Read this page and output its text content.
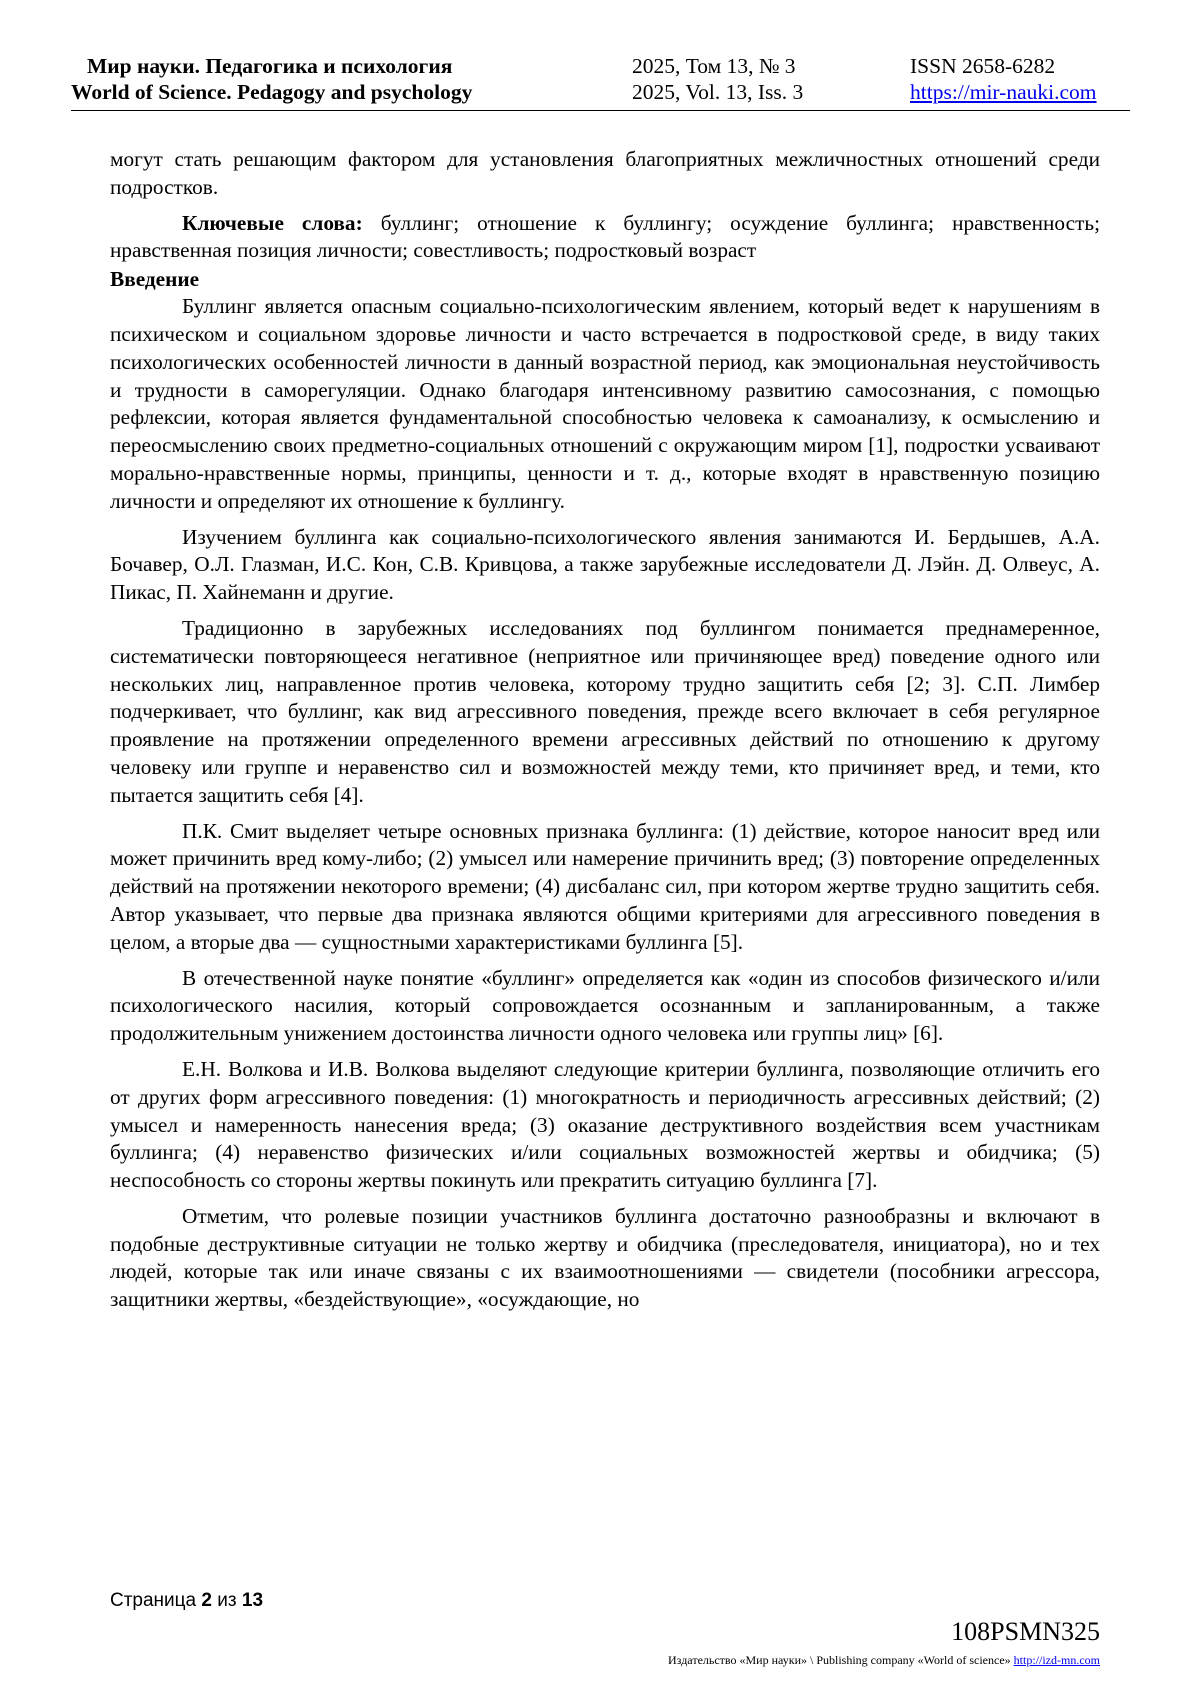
Мир науки. Педагогика и психология
World of Science. Pedagogy and psychology
2025, Том 13, № 3
2025, Vol. 13, Iss. 3
ISSN 2658-6282
https://mir-nauki.com

могут стать решающим фактором для установления благоприятных межличностных отношений среди подростков.

Ключевые слова: буллинг; отношение к буллингу; осуждение буллинга; нравственность; нравственная позиция личности; совестливость; подростковый возраст

Введение

Буллинг является опасным социально-психологическим явлением, который ведет к нарушениям в психическом и социальном здоровье личности и часто встречается в подростковой среде, в виду таких психологических особенностей личности в данный возрастной период, как эмоциональная неустойчивость и трудности в саморегуляции. Однако благодаря интенсивному развитию самосознания, с помощью рефлексии, которая является фундаментальной способностью человека к самоанализу, к осмыслению и переосмыслению своих предметно-социальных отношений с окружающим миром [1], подростки усваивают морально-нравственные нормы, принципы, ценности и т. д., которые входят в нравственную позицию личности и определяют их отношение к буллингу.

Изучением буллинга как социально-психологического явления занимаются И. Бердышев, А.А. Бочавер, О.Л. Глазман, И.С. Кон, С.В. Кривцова, а также зарубежные исследователи Д. Лэйн. Д. Олвеус, А. Пикас, П. Хайнеманн и другие.

Традиционно в зарубежных исследованиях под буллингом понимается преднамеренное, систематически повторяющееся негативное (неприятное или причиняющее вред) поведение одного или нескольких лиц, направленное против человека, которому трудно защитить себя [2; 3]. С.П. Лимбер подчеркивает, что буллинг, как вид агрессивного поведения, прежде всего включает в себя регулярное проявление на протяжении определенного времени агрессивных действий по отношению к другому человеку или группе и неравенство сил и возможностей между теми, кто причиняет вред, и теми, кто пытается защитить себя [4].

П.К. Смит выделяет четыре основных признака буллинга: (1) действие, которое наносит вред или может причинить вред кому-либо; (2) умысел или намерение причинить вред; (3) повторение определенных действий на протяжении некоторого времени; (4) дисбаланс сил, при котором жертве трудно защитить себя. Автор указывает, что первые два признака являются общими критериями для агрессивного поведения в целом, а вторые два — сущностными характеристиками буллинга [5].

В отечественной науке понятие «буллинг» определяется как «один из способов физического и/или психологического насилия, который сопровождается осознанным и запланированным, а также продолжительным унижением достоинства личности одного человека или группы лиц» [6].

Е.Н. Волкова и И.В. Волкова выделяют следующие критерии буллинга, позволяющие отличить его от других форм агрессивного поведения: (1) многократность и периодичность агрессивных действий; (2) умысел и намеренность нанесения вреда; (3) оказание деструктивного воздействия всем участникам буллинга; (4) неравенство физических и/или социальных возможностей жертвы и обидчика; (5) неспособность со стороны жертвы покинуть или прекратить ситуацию буллинга [7].

Отметим, что ролевые позиции участников буллинга достаточно разнообразны и включают в подобные деструктивные ситуации не только жертву и обидчика (преследователя, инициатора), но и тех людей, которые так или иначе связаны с их взаимоотношениями — свидетели (пособники агрессора, защитники жертвы, «бездействующие», «осуждающие, но

Страница 2 из 13
108PSMN325
Издательство «Мир науки» \ Publishing company «World of science» http://izd-mn.com
